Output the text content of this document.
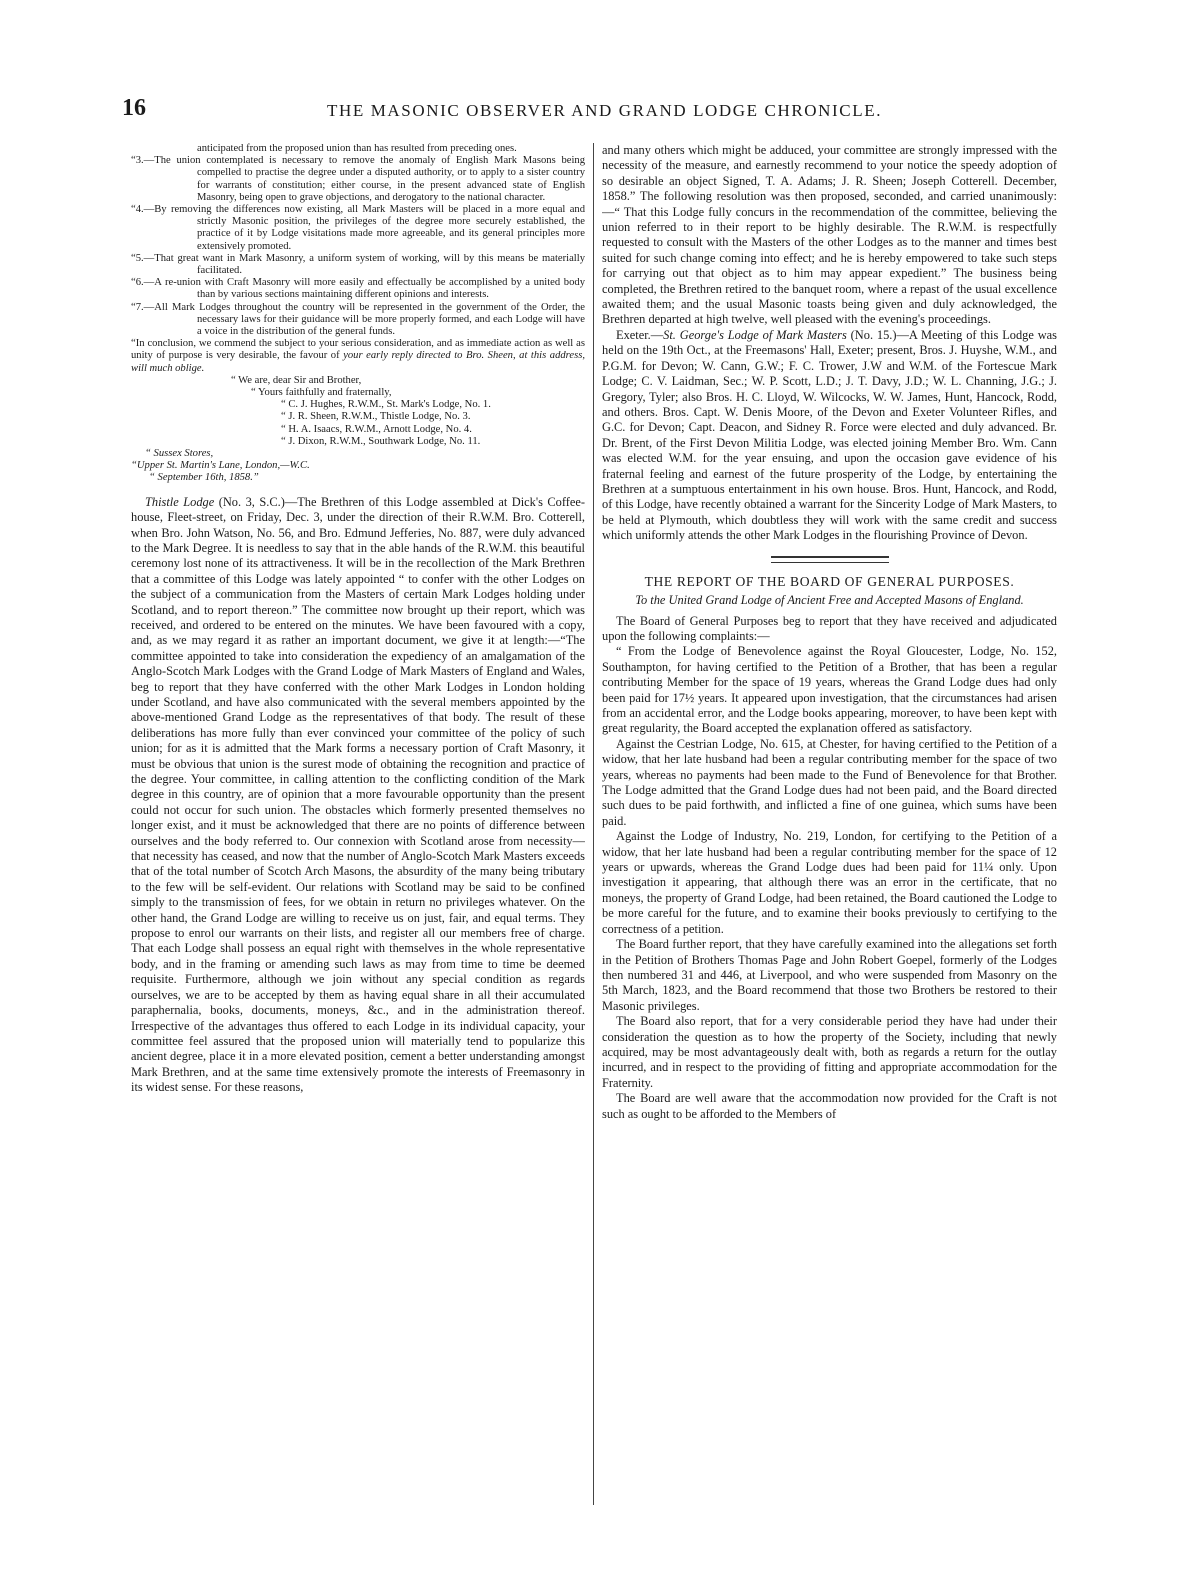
16	THE MASONIC OBSERVER AND GRAND LODGE CHRONICLE.

anticipated from the proposed union than has resulted from preceding ones.

“3.—The union contemplated is necessary to remove the anomaly of English Mark Masons being compelled to practise the degree under a disputed authority, or to apply to a sister country for warrants of constitution; either course, in the present advanced state of English Masonry, being open to grave objections, and derogatory to the national character.

“4.—By removing the differences now existing, all Mark Masters will be placed in a more equal and strictly Masonic position, the privileges of the degree more securely established, the practice of it by Lodge visitations made more agreeable, and its general principles more extensively promoted.

“5.—That great want in Mark Masonry, a uniform system of working, will by this means be materially facilitated.

“6.—A re-union with Craft Masonry will more easily and effectually be accomplished by a united body than by various sections maintaining different opinions and interests.

“7.—All Mark Lodges throughout the country will be represented in the government of the Order, the necessary laws for their guidance will be more properly formed, and each Lodge will have a voice in the distribution of the general funds.

“In conclusion, we commend the subject to your serious consideration, and as immediate action as well as unity of purpose is very desirable, the favour of your early reply directed to Bro. Sheen, at this address, will much oblige.

“ We are, dear Sir and Brother,

“ Yours faithfully and fraternally,

“ C. J. Hughes, R.W.M., St. Mark's Lodge, No. 1.

“ J. R. Sheen, R.W.M., Thistle Lodge, No. 3.

“ H. A. Isaacs, R.W.M., Arnott Lodge, No. 4.

“ J. Dixon, R.W.M., Southwark Lodge, No. 11.

“ Sussex Stores,

“Upper St. Martin's Lane, London,—W.C.

“ September 16th, 1858.”

Thistle Lodge (No. 3, S.C.)—The Brethren of this Lodge assembled at Dick's Coffee-house, Fleet-street, on Friday, Dec. 3, under the direction of their R.W.M. Bro. Cotterell, when Bro. John Watson, No. 56, and Bro. Edmund Jefferies, No. 887, were duly advanced to the Mark Degree. It is needless to say that in the able hands of the R.W.M. this beautiful ceremony lost none of its attractiveness. It will be in the recollection of the Mark Brethren that a committee of this Lodge was lately appointed “ to confer with the other Lodges on the subject of a communication from the Masters of certain Mark Lodges holding under Scotland, and to report thereon.” The committee now brought up their report, which was received, and ordered to be entered on the minutes. We have been favoured with a copy, and, as we may regard it as rather an important document, we give it at length:—“The committee appointed to take into consideration the expediency of an amalgamation of the Anglo-Scotch Mark Lodges with the Grand Lodge of Mark Masters of England and Wales, beg to report that they have conferred with the other Mark Lodges in London holding under Scotland, and have also communicated with the several members appointed by the above-mentioned Grand Lodge as the representatives of that body. The result of these deliberations has more fully than ever convinced your committee of the policy of such union; for as it is admitted that the Mark forms a necessary portion of Craft Masonry, it must be obvious that union is the surest mode of obtaining the recognition and practice of the degree. Your committee, in calling attention to the conflicting condition of the Mark degree in this country, are of opinion that a more favourable opportunity than the present could not occur for such union. The obstacles which formerly presented themselves no longer exist, and it must be acknowledged that there are no points of difference between ourselves and the body referred to. Our connexion with Scotland arose from necessity—that necessity has ceased, and now that the number of Anglo-Scotch Mark Masters exceeds that of the total number of Scotch Arch Masons, the absurdity of the many being tributary to the few will be self-evident. Our relations with Scotland may be said to be confined simply to the transmission of fees, for we obtain in return no privileges whatever. On the other hand, the Grand Lodge are willing to receive us on just, fair, and equal terms. They propose to enrol our warrants on their lists, and register all our members free of charge. That each Lodge shall possess an equal right with themselves in the whole representative body, and in the framing or amending such laws as may from time to time be deemed requisite. Furthermore, although we join without any special condition as regards ourselves, we are to be accepted by them as having equal share in all their accumulated paraphernalia, books, documents, moneys, &c., and in the administration thereof. Irrespective of the advantages thus offered to each Lodge in its individual capacity, your committee feel assured that the proposed union will materially tend to popularize this ancient degree, place it in a more elevated position, cement a better understanding amongst Mark Brethren, and at the same time extensively promote the interests of Freemasonry in its widest sense. For these reasons,

and many others which might be adduced, your committee are strongly impressed with the necessity of the measure, and earnestly recommend to your notice the speedy adoption of so desirable an object Signed, T. A. Adams; J. R. Sheen; Joseph Cotterell. December, 1858.” The following resolution was then proposed, seconded, and carried unanimously:—“ That this Lodge fully concurs in the recommendation of the committee, believing the union referred to in their report to be highly desirable. The R.W.M. is respectfully requested to consult with the Masters of the other Lodges as to the manner and times best suited for such change coming into effect; and he is hereby empowered to take such steps for carrying out that object as to him may appear expedient.” The business being completed, the Brethren retired to the banquet room, where a repast of the usual excellence awaited them; and the usual Masonic toasts being given and duly acknowledged, the Brethren departed at high twelve, well pleased with the evening's proceedings.

Exeter.—St. George's Lodge of Mark Masters (No. 15.)—A Meeting of this Lodge was held on the 19th Oct., at the Freemasons' Hall, Exeter; present, Bros. J. Huyshe, W.M., and P.G.M. for Devon; W. Cann, G.W.; F. C. Trower, J.W and W.M. of the Fortescue Mark Lodge; C. V. Laidman, Sec.; W. P. Scott, L.D.; J. T. Davy, J.D.; W. L. Channing, J.G.; J. Gregory, Tyler; also Bros. H. C. Lloyd, W. Wilcocks, W. W. James, Hunt, Hancock, Rodd, and others. Bros. Capt. W. Denis Moore, of the Devon and Exeter Volunteer Rifles, and G.C. for Devon; Capt. Deacon, and Sidney R. Force were elected and duly advanced. Br. Dr. Brent, of the First Devon Militia Lodge, was elected joining Member Bro. Wm. Cann was elected W.M. for the year ensuing, and upon the occasion gave evidence of his fraternal feeling and earnest of the future prosperity of the Lodge, by entertaining the Brethren at a sumptuous entertainment in his own house. Bros. Hunt, Hancock, and Rodd, of this Lodge, have recently obtained a warrant for the Sincerity Lodge of Mark Masters, to be held at Plymouth, which doubtless they will work with the same credit and success which uniformly attends the other Mark Lodges in the flourishing Province of Devon.

THE REPORT OF THE BOARD OF GENERAL PURPOSES.

To the United Grand Lodge of Ancient Free and Accepted Masons of England.

The Board of General Purposes beg to report that they have received and adjudicated upon the following complaints:—

“ From the Lodge of Benevolence against the Royal Gloucester, Lodge, No. 152, Southampton, for having certified to the Petition of a Brother, that has been a regular contributing Member for the space of 19 years, whereas the Grand Lodge dues had only been paid for 17½ years. It appeared upon investigation, that the circumstances had arisen from an accidental error, and the Lodge books appearing, moreover, to have been kept with great regularity, the Board accepted the explanation offered as satisfactory.

Against the Cestrian Lodge, No. 615, at Chester, for having certified to the Petition of a widow, that her late husband had been a regular contributing member for the space of two years, whereas no payments had been made to the Fund of Benevolence for that Brother. The Lodge admitted that the Grand Lodge dues had not been paid, and the Board directed such dues to be paid forthwith, and inflicted a fine of one guinea, which sums have been paid.

Against the Lodge of Industry, No. 219, London, for certifying to the Petition of a widow, that her late husband had been a regular contributing member for the space of 12 years or upwards, whereas the Grand Lodge dues had been paid for 11¼ only. Upon investigation it appearing, that although there was an error in the certificate, that no moneys, the property of Grand Lodge, had been retained, the Board cautioned the Lodge to be more careful for the future, and to examine their books previously to certifying to the correctness of a petition.

The Board further report, that they have carefully examined into the allegations set forth in the Petition of Brothers Thomas Page and John Robert Goepel, formerly of the Lodges then numbered 31 and 446, at Liverpool, and who were suspended from Masonry on the 5th March, 1823, and the Board recommend that those two Brothers be restored to their Masonic privileges.

The Board also report, that for a very considerable period they have had under their consideration the question as to how the property of the Society, including that newly acquired, may be most advantageously dealt with, both as regards a return for the outlay incurred, and in respect to the providing of fitting and appropriate accommodation for the Fraternity.

The Board are well aware that the accommodation now provided for the Craft is not such as ought to be afforded to the Members of
